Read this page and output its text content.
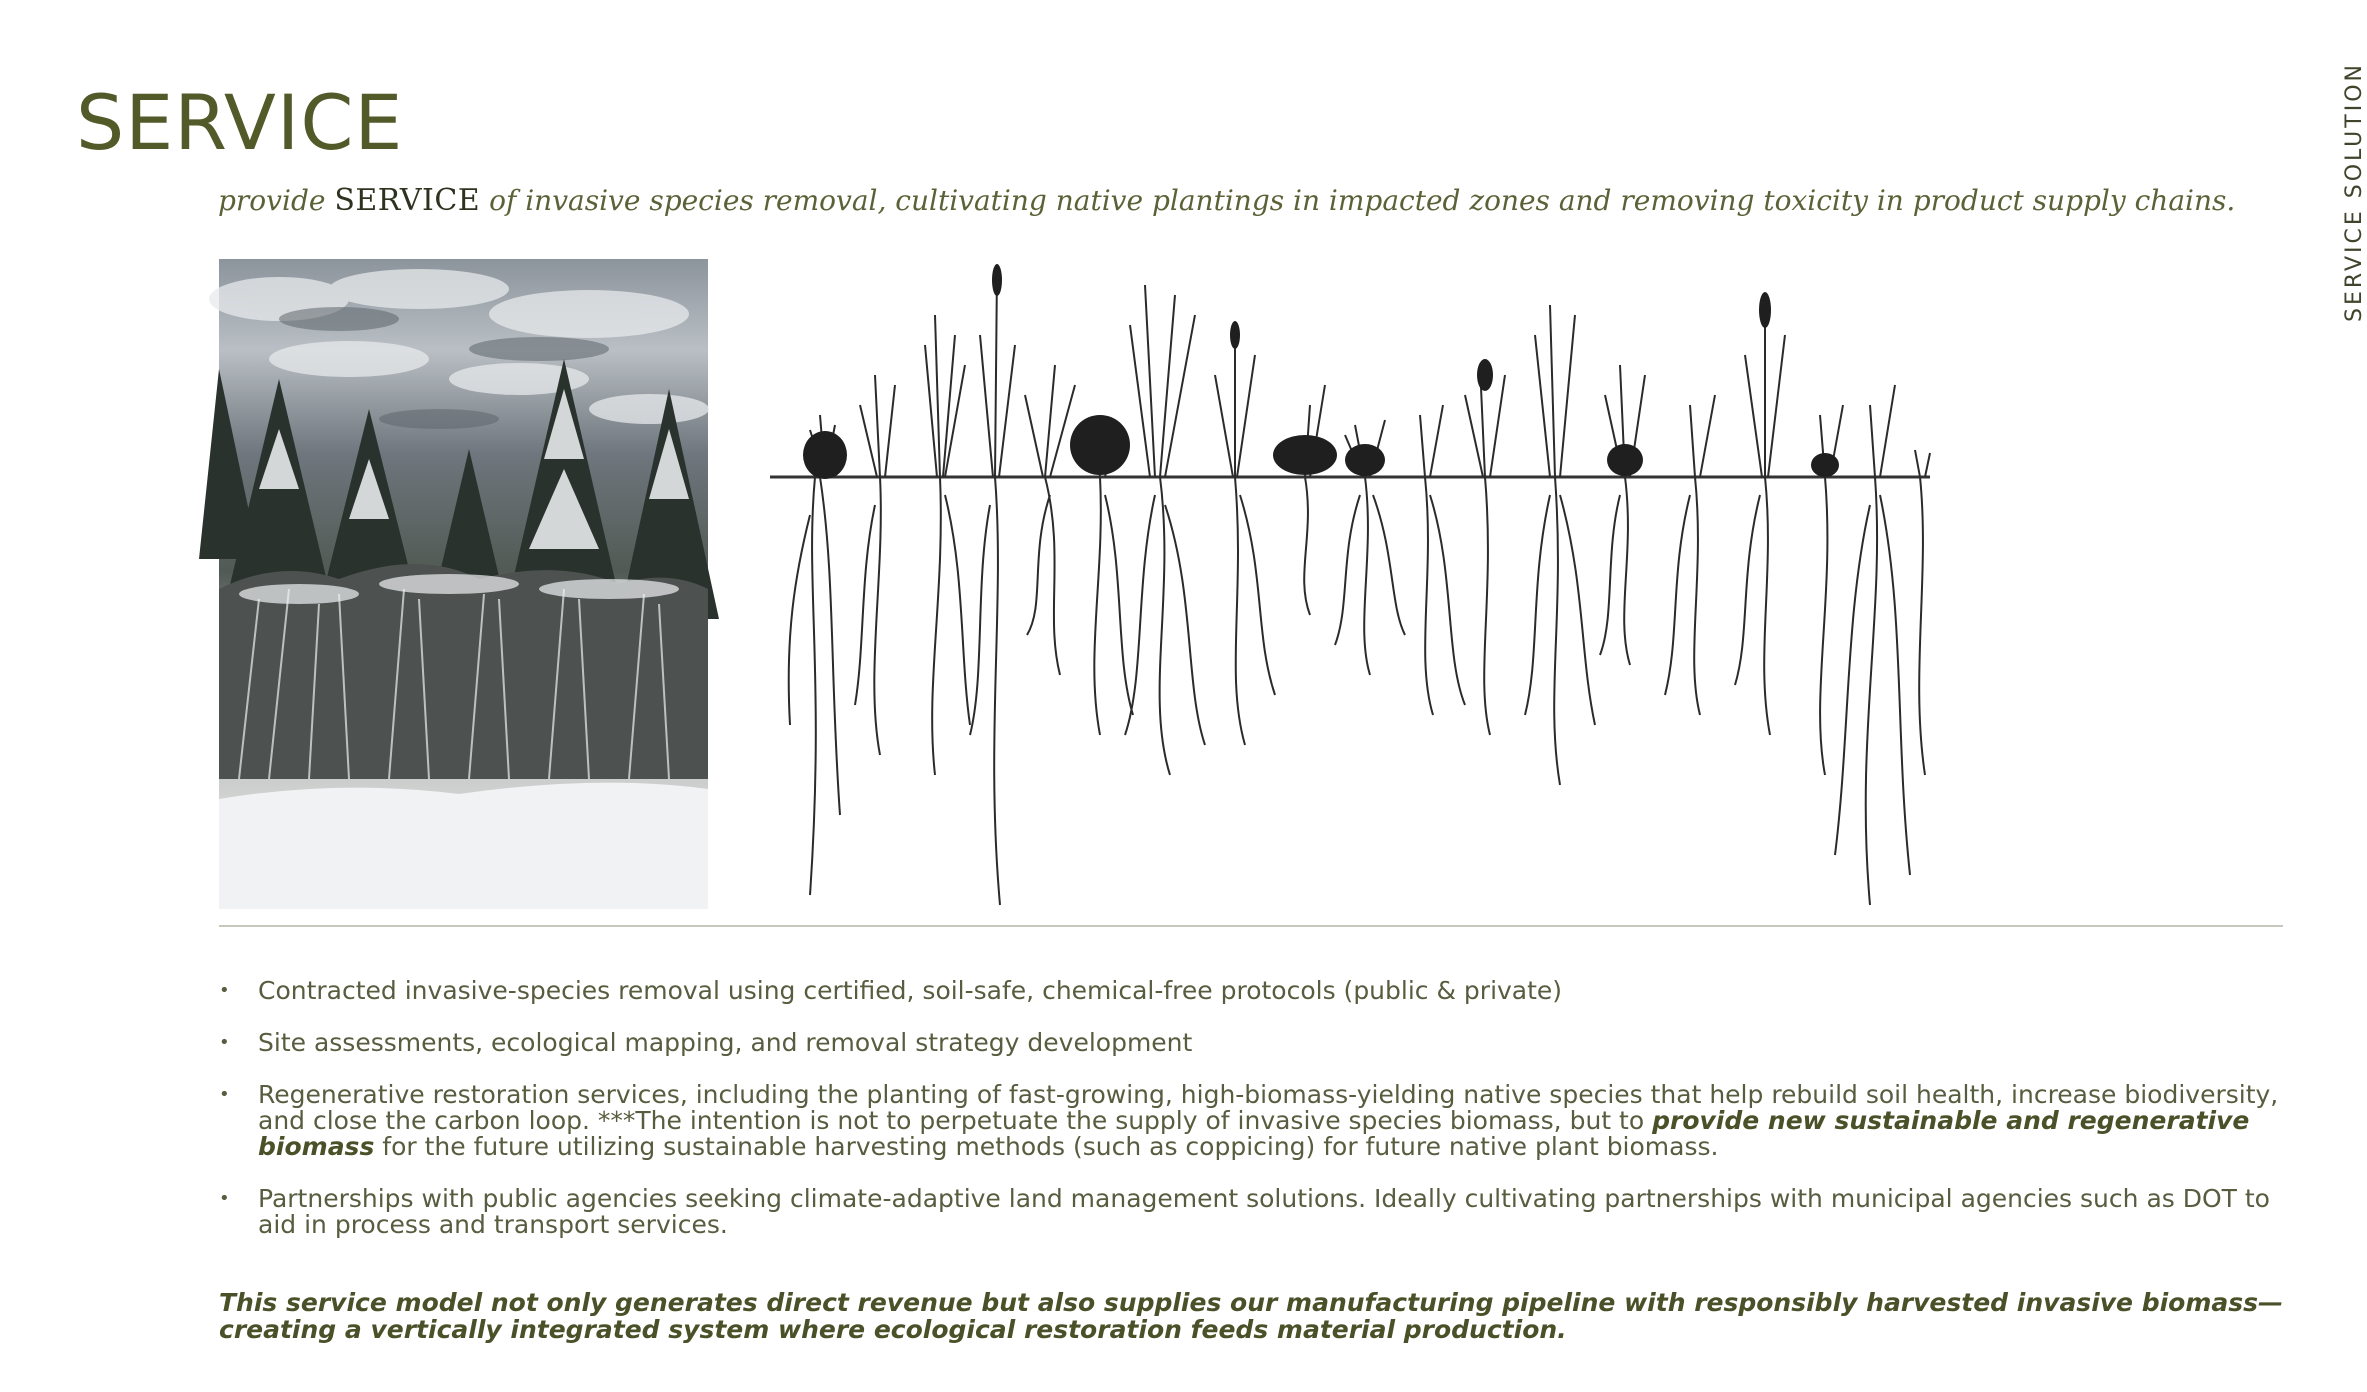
SERVICE	SERVICE SOLUTION

provide SERVICE of invasive species removal, cultivating native plantings in impacted zones and removing toxicity in product supply chains.

• Contracted invasive-species removal using certified, soil-safe, chemical-free protocols (public & private)
• Site assessments, ecological mapping, and removal strategy development
• Regenerative restoration services, including the planting of fast-growing, high-biomass-yielding native species that help rebuild soil health, increase biodiversity, and close the carbon loop. ***The intention is not to perpetuate the supply of invasive species biomass, but to provide new sustainable and regenerative biomass for the future utilizing sustainable harvesting methods (such as coppicing) for future native plant biomass.
• Partnerships with public agencies seeking climate-adaptive land management solutions. Ideally cultivating partnerships with municipal agencies such as DOT to aid in process and transport services.

This service model not only generates direct revenue but also supplies our manufacturing pipeline with responsibly harvested invasive biomass—creating a vertically integrated system where ecological restoration feeds material production.
